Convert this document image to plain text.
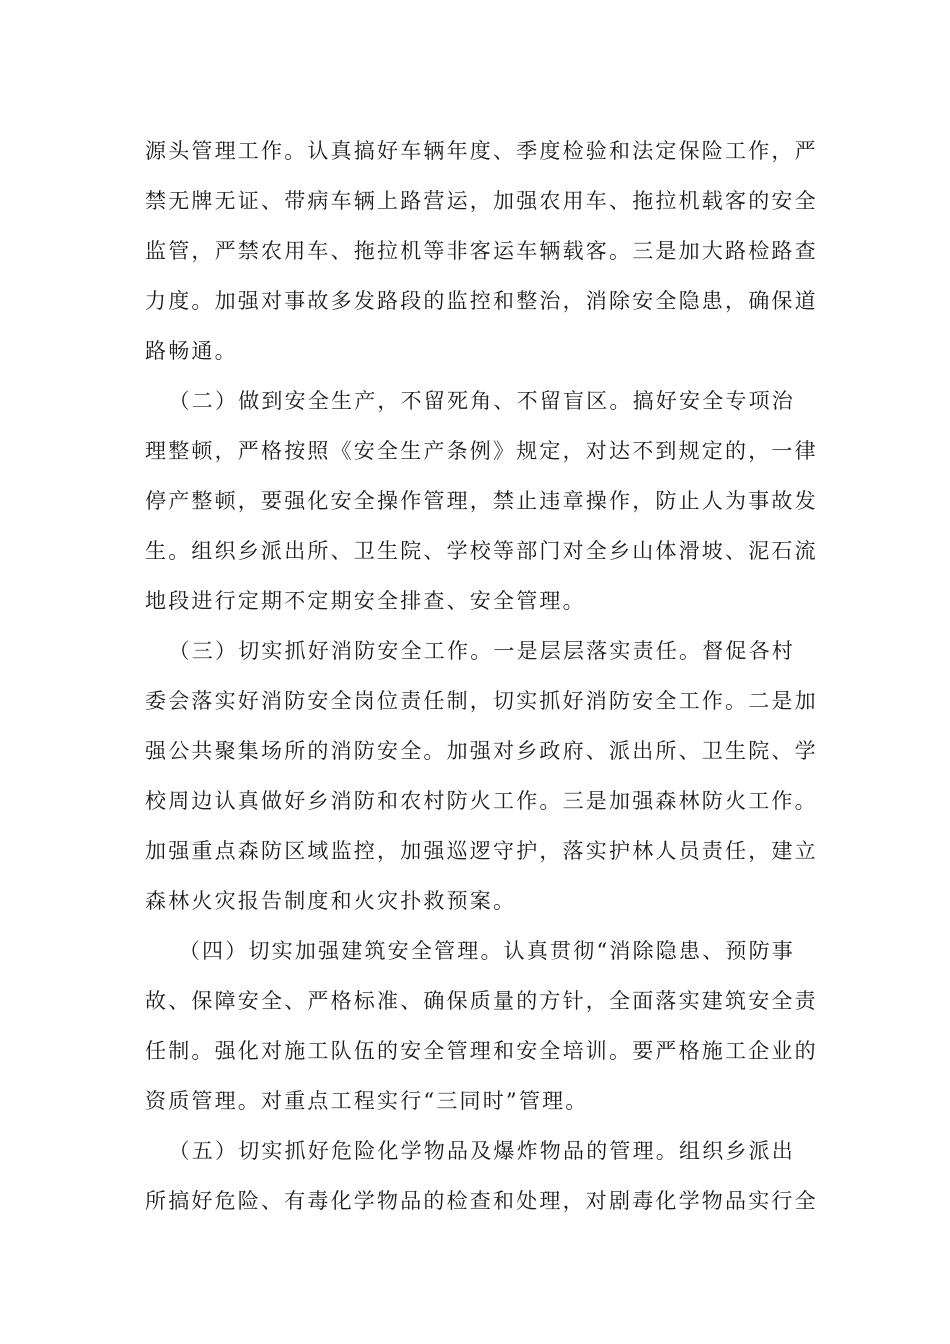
源头管理工作。认真搞好车辆年度、季度检验和法定保险工作，严
禁无牌无证、带病车辆上路营运，加强农用车、拖拉机载客的安全
监管，严禁农用车、拖拉机等非客运车辆载客。三是加大路检路查
力度。加强对事故多发路段的监控和整治，消除安全隐患，确保道
路畅通。
（二）做到安全生产，不留死角、不留盲区。搞好安全专项治
理整顿，严格按照《安全生产条例》规定，对达不到规定的，一律
停产整顿，要强化安全操作管理，禁止违章操作，防止人为事故发
生。组织乡派出所、卫生院、学校等部门对全乡山体滑坡、泥石流
地段进行定期不定期安全排查、安全管理。
（三）切实抓好消防安全工作。一是层层落实责任。督促各村
委会落实好消防安全岗位责任制，切实抓好消防安全工作。二是加
强公共聚集场所的消防安全。加强对乡政府、派出所、卫生院、学
校周边认真做好乡消防和农村防火工作。三是加强森林防火工作。
加强重点森防区域监控，加强巡逻守护，落实护林人员责任，建立
森林火灾报告制度和火灾扑救预案。
（四）切实加强建筑安全管理。认真贯彻“消除隐患、预防事
故、保障安全、严格标准、确保质量的方针，全面落实建筑安全责
任制。强化对施工队伍的安全管理和安全培训。要严格施工企业的
资质管理。对重点工程实行“三同时”管理。
（五）切实抓好危险化学物品及爆炸物品的管理。组织乡派出
所搞好危险、有毒化学物品的检查和处理，对剧毒化学物品实行全
